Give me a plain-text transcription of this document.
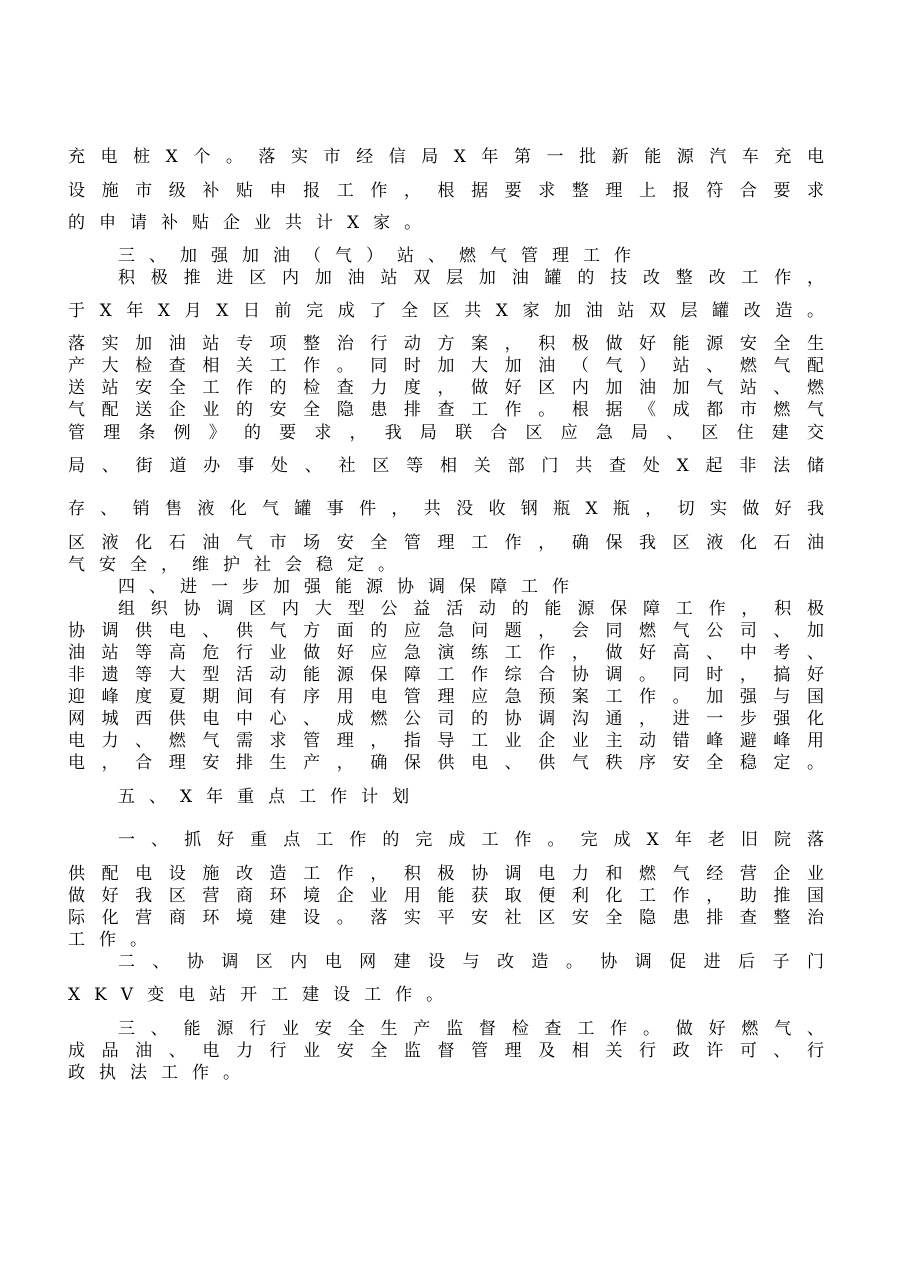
充电桩X个。落实市经信局X年第一批新能源汽车充电
设施市级补贴申报工作，根据要求整理上报符合要求
的申请补贴企业共计X家。
三、加强加油（气）站、燃气管理工作
积极推进区内加油站双层加油罐的技改整改工作，
于X年X月X日前完成了全区共X家加油站双层罐改造。
落实加油站专项整治行动方案，积极做好能源安全生
产大检查相关工作。同时加大加油（气）站、燃气配
送站安全工作的检查力度，做好区内加油加气站、燃
气配送企业的安全隐患排查工作。根据《成都市燃气
管理条例》的要求，我局联合区应急局、区住建交
局、街道办事处、社区等相关部门共查处X起非法储
存、销售液化气罐事件，共没收钢瓶X瓶，切实做好我
区液化石油气市场安全管理工作，确保我区液化石油
气安全，维护社会稳定。
四、进一步加强能源协调保障工作
组织协调区内大型公益活动的能源保障工作，积极
协调供电、供气方面的应急问题，会同燃气公司、加
油站等高危行业做好应急演练工作，做好高、中考、
非遗等大型活动能源保障工作综合协调。同时，搞好
迎峰度夏期间有序用电管理应急预案工作。加强与国
网城西供电中心、成燃公司的协调沟通，进一步强化
电力、燃气需求管理，指导工业企业主动错峰避峰用
电，合理安排生产，确保供电、供气秩序安全稳定。
五、X年重点工作计划
一、抓好重点工作的完成工作。完成X年老旧院落
供配电设施改造工作，积极协调电力和燃气经营企业
做好我区营商环境企业用能获取便利化工作，助推国
际化营商环境建设。落实平安社区安全隐患排查整治
工作。
二、协调区内电网建设与改造。协调促进后子门
XKV变电站开工建设工作。
三、能源行业安全生产监督检查工作。做好燃气、
成品油、电力行业安全监督管理及相关行政许可、行
政执法工作。
